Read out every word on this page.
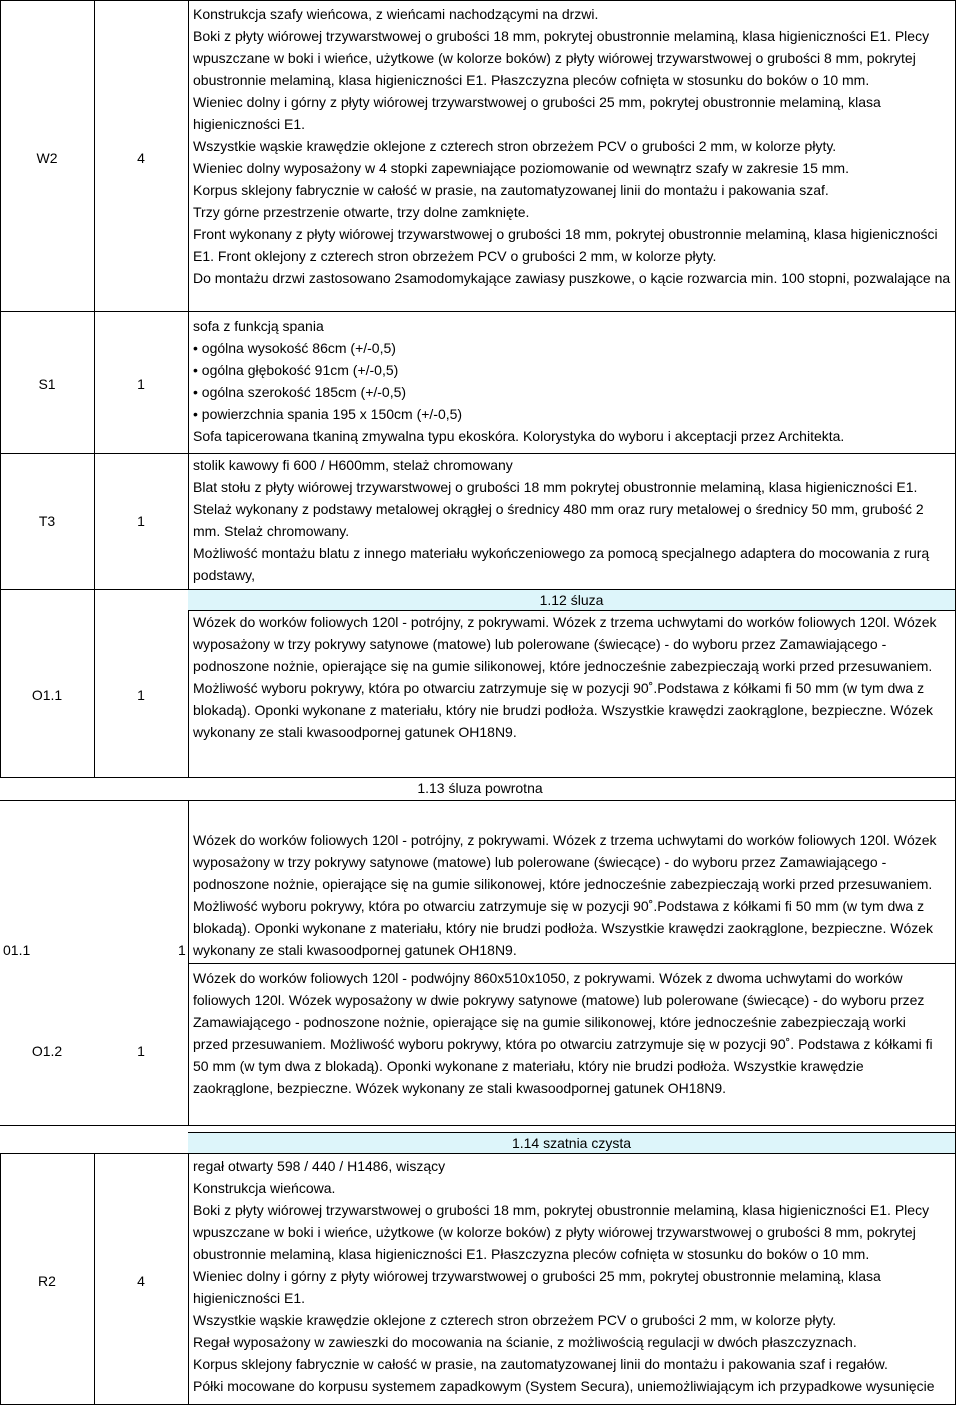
W2	4
Konstrukcja szafy wieńcowa, z wieńcami nachodzącymi na drzwi.
Boki z płyty wiórowej trzywarstwowej o grubości 18 mm, pokrytej obustronnie melaminą, klasa higieniczności E1. Plecy
wpuszczane w boki i wieńce, użytkowe (w kolorze boków) z płyty wiórowej trzywarstwowej o grubości 8 mm, pokrytej
obustronnie melaminą, klasa higieniczności E1. Płaszczyzna pleców cofnięta w stosunku do boków o 10 mm.
Wieniec dolny i górny z płyty wiórowej trzywarstwowej o grubości 25 mm, pokrytej obustronnie melaminą, klasa
higieniczności E1.
Wszystkie wąskie krawędzie oklejone z czterech stron obrzeżem PCV o grubości 2 mm, w kolorze płyty.
Wieniec dolny wyposażony w 4 stopki zapewniające poziomowanie od wewnątrz szafy w zakresie 15 mm.
Korpus sklejony fabrycznie w całość w prasie, na zautomatyzowanej linii do montażu i pakowania szaf.
Trzy górne przestrzenie otwarte, trzy dolne zamknięte.
Front wykonany z płyty wiórowej trzywarstwowej o grubości 18 mm, pokrytej obustronnie melaminą, klasa higieniczności
E1. Front oklejony z czterech stron obrzeżem PCV o grubości 2 mm, w kolorze płyty.
Do montażu drzwi zastosowano 2samodomykające zawiasy puszkowe, o kącie rozwarcia min. 100 stopni, pozwalające na
S1	1
sofa z funkcją spania
• ogólna wysokość 86cm (+/-0,5)
• ogólna głębokość 91cm (+/-0,5)
• ogólna szerokość 185cm (+/-0,5)
• powierzchnia spania 195 x 150cm (+/-0,5)
Sofa tapicerowana tkaniną zmywalna typu ekoskóra. Kolorystyka do wyboru i akceptacji przez Architekta.
T3	1
stolik kawowy fi 600 / H600mm, stelaż chromowany
Blat stołu z płyty wiórowej trzywarstwowej o grubości 18 mm pokrytej obustronnie melaminą, klasa higieniczności E1.
Stelaż wykonany z podstawy metalowej okrągłej o średnicy 480 mm oraz rury metalowej o średnicy 50 mm, grubość 2
mm. Stelaż chromowany.
Możliwość montażu blatu z innego materiału wykończeniowego za pomocą specjalnego adaptera do mocowania z rurą
podstawy,
1.12 śluza
O1.1	1
Wózek do worków foliowych 120l - potrójny, z pokrywami. Wózek z trzema uchwytami do worków foliowych 120l. Wózek
wyposażony w trzy pokrywy satynowe (matowe) lub polerowane (świecące) - do wyboru przez Zamawiającego -
podnoszone nożnie, opierające się na gumie silikonowej, które jednocześnie zabezpieczają worki przed przesuwaniem.
Możliwość wyboru pokrywy, która po otwarciu zatrzymuje się w pozycji 90˚.Podstawa z kółkami fi 50 mm (w tym dwa z
blokadą). Oponki wykonane z materiału, który nie brudzi podłoża. Wszystkie krawędzi zaokrąglone, bezpieczne. Wózek
wykonany ze stali kwasoodpornej gatunek OH18N9.
1.13 śluza powrotna
01.1	1
Wózek do worków foliowych 120l - potrójny, z pokrywami. Wózek z trzema uchwytami do worków foliowych 120l. Wózek
wyposażony w trzy pokrywy satynowe (matowe) lub polerowane (świecące) - do wyboru przez Zamawiającego -
podnoszone nożnie, opierające się na gumie silikonowej, które jednocześnie zabezpieczają worki przed przesuwaniem.
Możliwość wyboru pokrywy, która po otwarciu zatrzymuje się w pozycji 90˚.Podstawa z kółkami fi 50 mm (w tym dwa z
blokadą). Oponki wykonane z materiału, który nie brudzi podłoża. Wszystkie krawędzi zaokrąglone, bezpieczne. Wózek
wykonany ze stali kwasoodpornej gatunek OH18N9.
O1.2	1
Wózek do worków foliowych 120l - podwójny 860x510x1050, z pokrywami. Wózek z dwoma uchwytami do worków
foliowych 120l. Wózek wyposażony w dwie pokrywy satynowe (matowe) lub polerowane (świecące) - do wyboru przez
Zamawiającego - podnoszone nożnie, opierające się na gumie silikonowej, które jednocześnie zabezpieczają worki
przed przesuwaniem. Możliwość wyboru pokrywy, która po otwarciu zatrzymuje się w pozycji 90˚. Podstawa z kółkami fi
50 mm (w tym dwa z blokadą). Oponki wykonane z materiału, który nie brudzi podłoża. Wszystkie krawędzie
zaokrąglone, bezpieczne. Wózek wykonany ze stali kwasoodpornej gatunek OH18N9.
1.14 szatnia czysta
R2	4
regał otwarty 598 / 440 / H1486, wiszący
Konstrukcja wieńcowa.
Boki z płyty wiórowej trzywarstwowej o grubości 18 mm, pokrytej obustronnie melaminą, klasa higieniczności E1. Plecy
wpuszczane w boki i wieńce, użytkowe (w kolorze boków) z płyty wiórowej trzywarstwowej o grubości 8 mm, pokrytej
obustronnie melaminą, klasa higieniczności E1. Płaszczyzna pleców cofnięta w stosunku do boków o 10 mm.
Wieniec dolny i górny z płyty wiórowej trzywarstwowej o grubości 25 mm, pokrytej obustronnie melaminą, klasa
higieniczności E1.
Wszystkie wąskie krawędzie oklejone z czterech stron obrzeżem PCV o grubości 2 mm, w kolorze płyty.
Regał wyposażony w zawieszki do mocowania na ścianie, z możliwością regulacji w dwóch płaszczyznach.
Korpus sklejony fabrycznie w całość w prasie, na zautomatyzowanej linii do montażu i pakowania szaf i regałów.
Półki mocowane do korpusu systemem zapadkowym (System Secura), uniemożliwiającym ich przypadkowe wysunięcie
